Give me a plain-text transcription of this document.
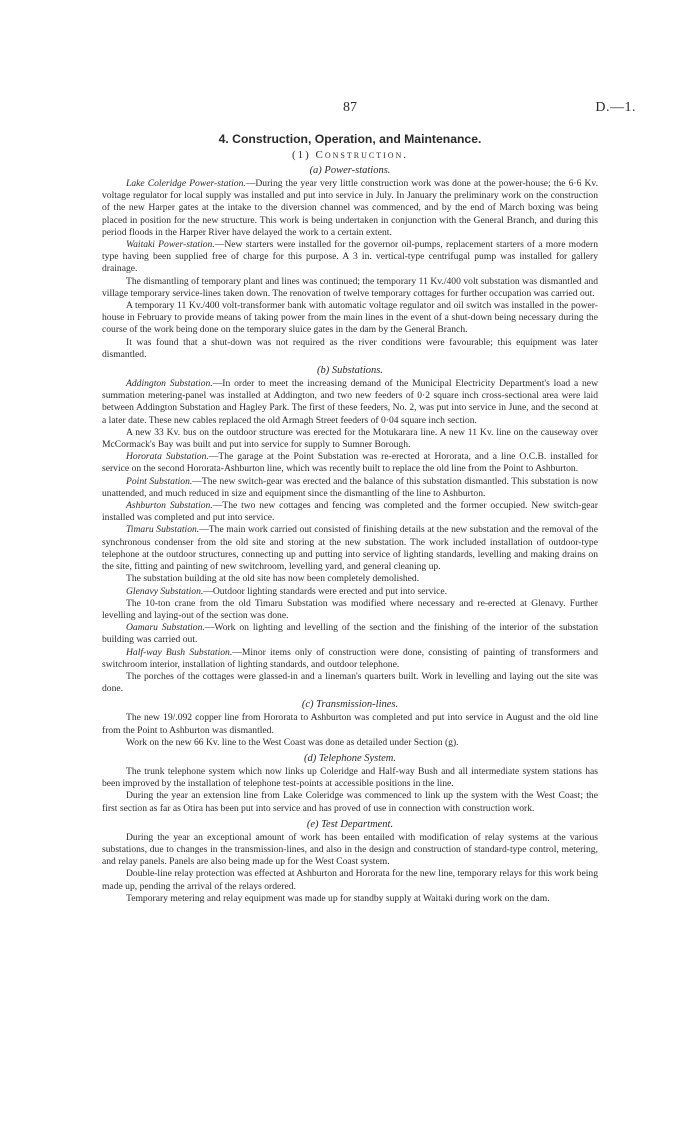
87	D.—1.
4. Construction, Operation, and Maintenance.
(1) Construction.
(a) Power-stations.

Lake Coleridge Power-station.—During the year very little construction work was done at the power-house; the 6·6 Kv. voltage regulator for local supply was installed and put into service in July. In January the preliminary work on the construction of the new Harper gates at the intake to the diversion channel was commenced, and by the end of March boxing was being placed in position for the new structure. This work is being undertaken in conjunction with the General Branch, and during this period floods in the Harper River have delayed the work to a certain extent.

Waitaki Power-station.—New starters were installed for the governor oil-pumps, replacement starters of a more modern type having been supplied free of charge for this purpose. A 3 in. vertical-type centrifugal pump was installed for gallery drainage.

The dismantling of temporary plant and lines was continued; the temporary 11 Kv./400 volt substation was dismantled and village temporary service-lines taken down. The renovation of twelve temporary cottages for further occupation was carried out.

A temporary 11 Kv./400 volt-transformer bank with automatic voltage regulator and oil switch was installed in the power-house in February to provide means of taking power from the main lines in the event of a shut-down being necessary during the course of the work being done on the temporary sluice gates in the dam by the General Branch.

It was found that a shut-down was not required as the river conditions were favourable; this equipment was later dismantled.

(b) Substations.

Addington Substation.—In order to meet the increasing demand of the Municipal Electricity Department's load a new summation metering-panel was installed at Addington, and two new feeders of 0·2 square inch cross-sectional area were laid between Addington Substation and Hagley Park. The first of these feeders, No. 2, was put into service in June, and the second at a later date. These new cables replaced the old Armagh Street feeders of 0·04 square inch section.

A new 33 Kv. bus on the outdoor structure was erected for the Motukarara line. A new 11 Kv. line on the causeway over McCormack's Bay was built and put into service for supply to Sumner Borough.

Hororata Substation.—The garage at the Point Substation was re-erected at Hororata, and a line O.C.B. installed for service on the second Hororata-Ashburton line, which was recently built to replace the old line from the Point to Ashburton.

Point Substation.—The new switch-gear was erected and the balance of this substation dismantled. This substation is now unattended, and much reduced in size and equipment since the dismantling of the line to Ashburton.

Ashburton Substation.—The two new cottages and fencing was completed and the former occupied. New switch-gear installed was completed and put into service.

Timaru Substation.—The main work carried out consisted of finishing details at the new substation and the removal of the synchronous condenser from the old site and storing at the new substation. The work included installation of outdoor-type telephone at the outdoor structures, connecting up and putting into service of lighting standards, levelling and making drains on the site, fitting and painting of new switchroom, levelling yard, and general cleaning up.

The substation building at the old site has now been completely demolished.

Glenavy Substation.—Outdoor lighting standards were erected and put into service.

The 10-ton crane from the old Timaru Substation was modified where necessary and re-erected at Glenavy. Further levelling and laying-out of the section was done.

Oamaru Substation.—Work on lighting and levelling of the section and the finishing of the interior of the substation building was carried out.

Half-way Bush Substation.—Minor items only of construction were done, consisting of painting of transformers and switchroom interior, installation of lighting standards, and outdoor telephone.

The porches of the cottages were glassed-in and a lineman's quarters built. Work in levelling and laying out the site was done.

(c) Transmission-lines.

The new 19/.092 copper line from Hororata to Ashburton was completed and put into service in August and the old line from the Point to Ashburton was dismantled.

Work on the new 66 Kv. line to the West Coast was done as detailed under Section (g).

(d) Telephone System.

The trunk telephone system which now links up Coleridge and Half-way Bush and all intermediate system stations has been improved by the installation of telephone test-points at accessible positions in the line.

During the year an extension line from Lake Coleridge was commenced to link up the system with the West Coast; the first section as far as Otira has been put into service and has proved of use in connection with construction work.

(e) Test Department.

During the year an exceptional amount of work has been entailed with modification of relay systems at the various substations, due to changes in the transmission-lines, and also in the design and construction of standard-type control, metering, and relay panels. Panels are also being made up for the West Coast system.

Double-line relay protection was effected at Ashburton and Hororata for the new line, temporary relays for this work being made up, pending the arrival of the relays ordered.

Temporary metering and relay equipment was made up for standby supply at Waitaki during work on the dam.
